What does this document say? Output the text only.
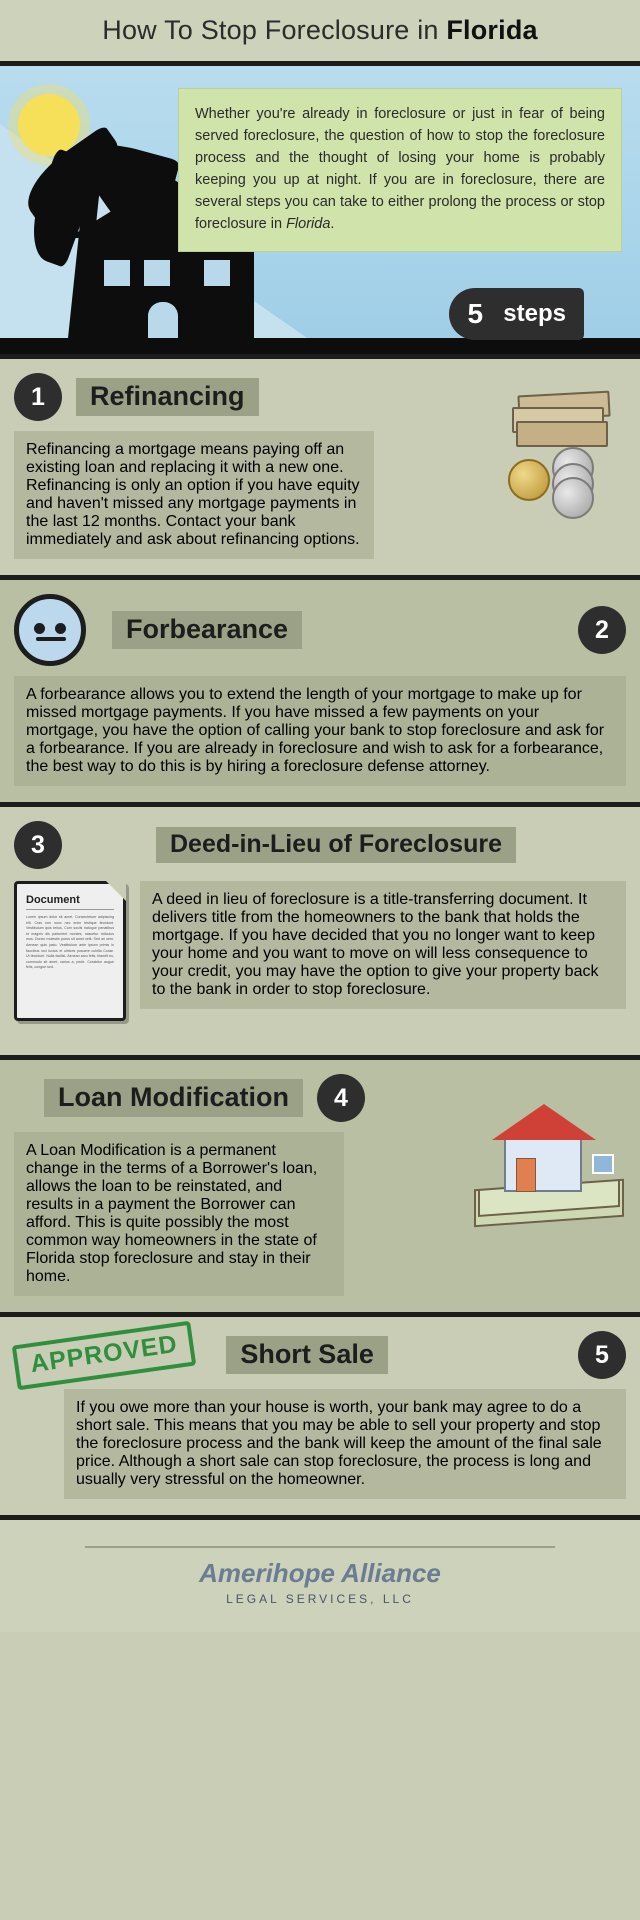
How To Stop Foreclosure in Florida
Whether you're already in foreclosure or just in fear of being served foreclosure, the question of how to stop the foreclosure process and the thought of losing your home is probably keeping you up at night. If you are in foreclosure, there are several steps you can take to either prolong the process or stop foreclosure in Florida.
5 steps
1	Refinancing
Refinancing a mortgage means paying off an existing loan and replacing it with a new one. Refinancing is only an option if you have equity and haven't missed any mortgage payments in the last 12 months. Contact your bank immediately and ask about refinancing options.
Forbearance	2
A forbearance allows you to extend the length of your mortgage to make up for missed mortgage payments. If you have missed a few payments on your mortgage, you have the option of calling your bank to stop foreclosure and ask for a forbearance. If you are already in foreclosure and wish to ask for a forbearance, the best way to do this is by hiring a foreclosure defense attorney.
3	Deed-in-Lieu of Foreclosure
Document
Lorem ipsum dolor sit amet. Consectetuer adipiscing elit. Cras non nunc nec enim tristique tincidunt. Vestibulum quis tellus. Cum sociis natoque penatibus et magnis dis parturient montes, nascetur ridiculus mus. Donec molestie purus sit amet velit. Sed an sem. Aenean quis justo. Vestibulum ante ipsum primis in faucibus orci luctus et ultrices posuere cubilia Curae. Ut tincidunt. Nulla facilisi. Aenean arcu felis, blandit eu, commodo sit amet, varius a, pede. Curabitur augue felis, congue sed.
A deed in lieu of foreclosure is a title-transferring document. It delivers title from the homeowners to the bank that holds the mortgage. If you have decided that you no longer want to keep your home and you want to move on will less consequence to your credit, you may have the option to give your property back to the bank in order to stop foreclosure.
Loan Modification	4
A Loan Modification is a permanent change in the terms of a Borrower's loan, allows the loan to be reinstated, and results in a payment the Borrower can afford. This is quite possibly the most common way homeowners in the state of Florida stop foreclosure and stay in their home.
APPROVED	Short Sale	5
If you owe more than your house is worth, your bank may agree to do a short sale. This means that you may be able to sell your property and stop the foreclosure process and the bank will keep the amount of the final sale price. Although a short sale can stop foreclosure, the process is long and usually very stressful on the homeowner.
Amerihope Alliance
LEGAL SERVICES, LLC
